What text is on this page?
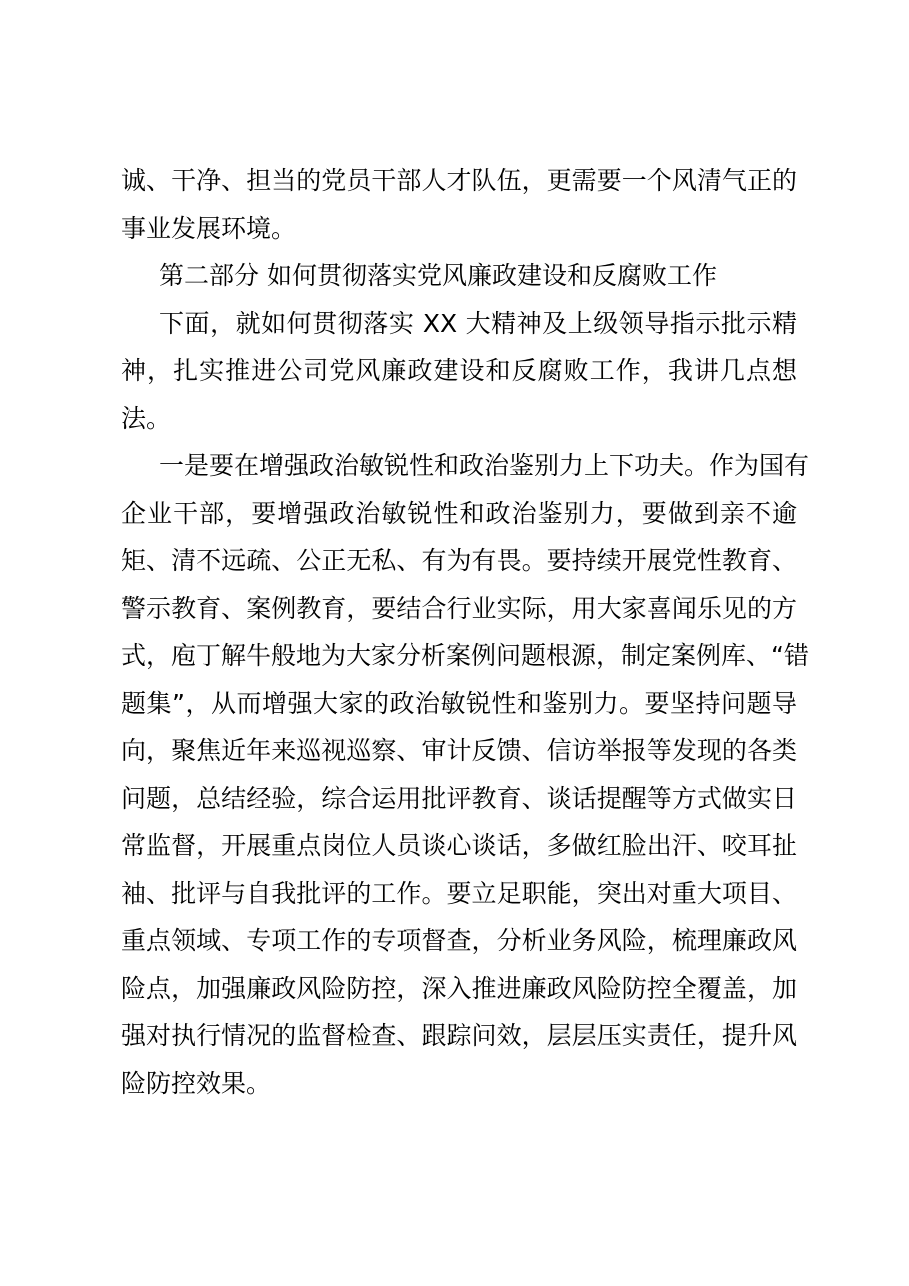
诚、干净、担当的党员干部人才队伍，更需要一个风清气正的
事业发展环境。
第二部分 如何贯彻落实党风廉政建设和反腐败工作
下面，就如何贯彻落实 XX 大精神及上级领导指示批示精
神，扎实推进公司党风廉政建设和反腐败工作，我讲几点想
法。
一是要在增强政治敏锐性和政治鉴别力上下功夫。作为国有
企业干部，要增强政治敏锐性和政治鉴别力，要做到亲不逾
矩、清不远疏、公正无私、有为有畏。要持续开展党性教育、
警示教育、案例教育，要结合行业实际，用大家喜闻乐见的方
式，庖丁解牛般地为大家分析案例问题根源，制定案例库、“错
题集”，从而增强大家的政治敏锐性和鉴别力。要坚持问题导
向，聚焦近年来巡视巡察、审计反馈、信访举报等发现的各类
问题，总结经验，综合运用批评教育、谈话提醒等方式做实日
常监督，开展重点岗位人员谈心谈话，多做红脸出汗、咬耳扯
袖、批评与自我批评的工作。要立足职能，突出对重大项目、
重点领域、专项工作的专项督查，分析业务风险，梳理廉政风
险点，加强廉政风险防控，深入推进廉政风险防控全覆盖，加
强对执行情况的监督检查、跟踪问效，层层压实责任，提升风
险防控效果。
